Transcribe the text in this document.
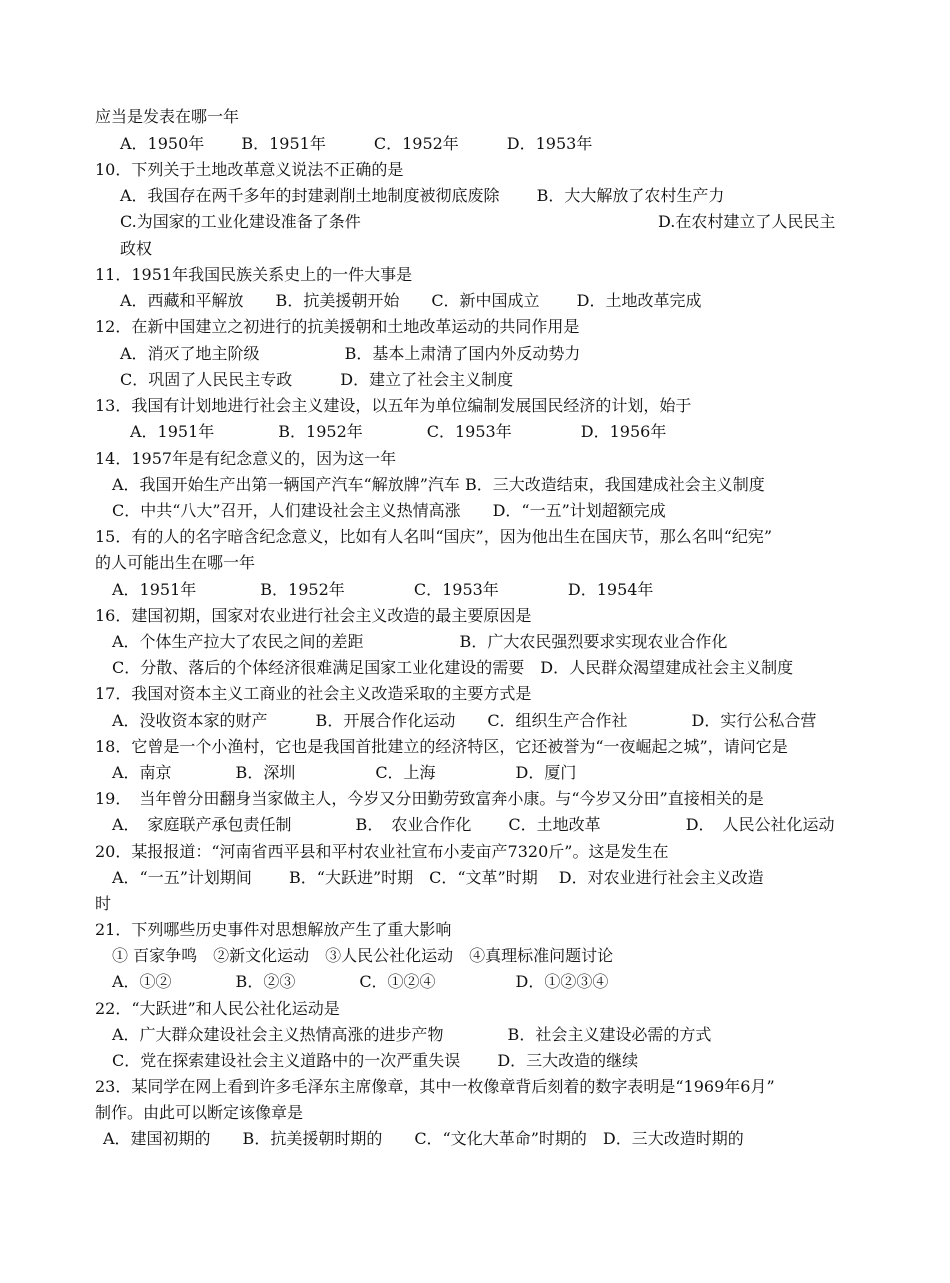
应当是发表在哪一年
A．1950年　　 B．1951年　　　C．1952年　　　D．1953年
10．下列关于土地改革意义说法不正确的是
A．我国存在两千多年的封建剥削土地制度被彻底废除　　 B．大大解放了农村生产力
C.为国家的工业化建设准备了条件	D.在农村建立了人民民主
政权
11．1951年我国民族关系史上的一件大事是
A．西藏和平解放　　B．抗美援朝开始　　C．新中国成立　　 D．土地改革完成
12．在新中国建立之初进行的抗美援朝和土地改革运动的共同作用是
A．消灭了地主阶级　　　　　 B．基本上肃清了国内外反动势力
C．巩固了人民民主专政　　　D．建立了社会主义制度
13．我国有计划地进行社会主义建设，以五年为单位编制发展国民经济的计划，始于
A．1951年　　　　B．1952年　　　　C．1953年　　　　 D．1956年
14．1957年是有纪念意义的，因为这一年
A．我国开始生产出第一辆国产汽车“解放牌”汽车 B．三大改造结束，我国建成社会主义制度
C．中共“八大”召开，人们建设社会主义热情高涨　　D．“一五”计划超额完成
15．有的人的名字暗含纪念意义，比如有人名叫“国庆”，因为他出生在国庆节，那么名叫“纪宪”
的人可能出生在哪一年
A．1951年　　　　B．1952年　　　　 C．1953年　　　　 D．1954年
16．建国初期，国家对农业进行社会主义改造的最主要原因是
A．个体生产拉大了农民之间的差距　　　　　　B．广大农民强烈要求实现农业合作化
C．分散、落后的个体经济很难满足国家工业化建设的需要　D．人民群众渴望建成社会主义制度
17．我国对资本主义工商业的社会主义改造采取的主要方式是
A．没收资本家的财产　　　B．开展合作化运动　　C．组织生产合作社　　　　D．实行公私合营
18．它曾是一个小渔村，它也是我国首批建立的经济特区，它还被誉为“一夜崛起之城”，请问它是
A．南京　　　　B．深圳　　　　　C．上海　　　　　D．厦门
19．　当年曾分田翻身当家做主人，今岁又分田勤劳致富奔小康。与“今岁又分田”直接相关的是
A．　家庭联产承包责任制　　　　B．　农业合作化　　 C．土地改革　　　　　 D．　人民公社化运动
20．某报报道：“河南省西平县和平村农业社宣布小麦亩产7320斤”。这是发生在
A．“一五”计划期间　　 B．“大跃进”时期　C．“文革”时期　 D．对农业进行社会主义改造
时
21．下列哪些历史事件对思想解放产生了重大影响
① 百家争鸣　②新文化运动　③人民公社化运动　④真理标准问题讨论
A．①②　　　　B．②③　　　　C．①②④　　　　　D．①②③④
22．“大跃进”和人民公社化运动是
A．广大群众建设社会主义热情高涨的进步产物　　　　B．社会主义建设必需的方式
C．党在探索建设社会主义道路中的一次严重失误　　 D．三大改造的继续
23．某同学在网上看到许多毛泽东主席像章，其中一枚像章背后刻着的数字表明是“1969年6月”
制作。由此可以断定该像章是
A．建国初期的　　B．抗美援朝时期的　　C．“文化大革命”时期的　D．三大改造时期的
